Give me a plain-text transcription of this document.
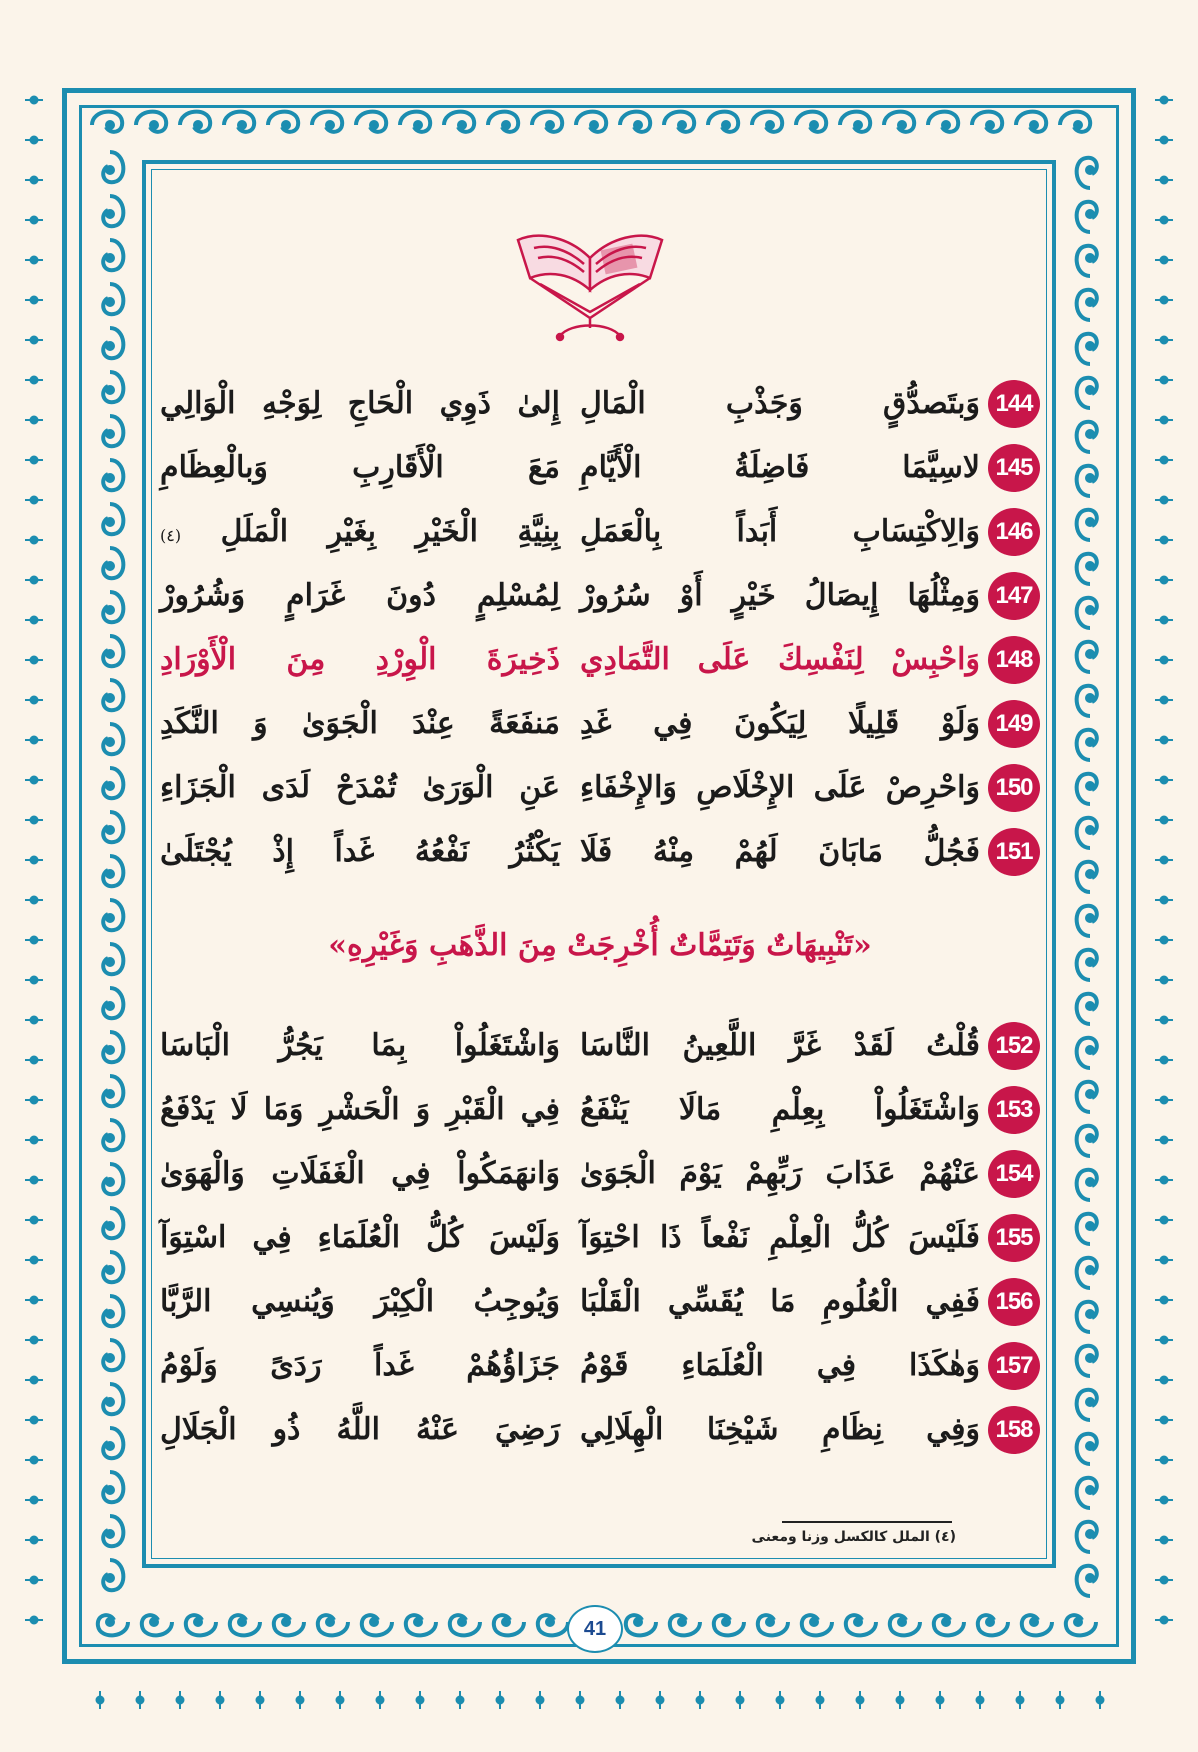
144
وَبتَصدُّقٍ وَجَذْبِ الْمَالِ
إِلىٰ ذَوِي الْحَاجِ لِوَجْهِ الْوَالِي
145
لاسِيَّمَا فَاضِلَةُ الْأَيَّامِ
مَعَ الْأَقَارِبِ وَبالْعِظَامِ
146
وَالِاكْتِسَابِ أَبَداً بِالْعَمَلِ
بِنِيَّةِ الْخَيْرِ بِغَيْرِ الْمَلَلِ (٤)
147
وَمِثْلُهَا إِيصَالُ خَيْرٍ أَوْ سُرُورْ
لِمُسْلِمٍ دُونَ غَرَامٍ وَشُرُورْ
148
وَاحْبِسْ لِنَفْسِكَ عَلَى التَّمَادِي
ذَخِيرَةَ الْوِرْدِ مِنَ الْأَوْرَادِ
149
وَلَوْ قَلِيلًا لِيَكُونَ فِي غَدِ
مَنفَعَةً عِنْدَ الْجَوَىٰ وَ النَّكَدِ
150
وَاحْرِصْ عَلَى الإِخْلَاصِ وَالإِخْفَاءِ
عَنِ الْوَرَىٰ تُمْدَحْ لَدَى الْجَزَاءِ
151
فَجُلُّ مَابَانَ لَهُمْ مِنْهُ فَلَا
يَكْثُرُ نَفْعُهُ غَداً إِذْ يُجْتَلَىٰ
«تَنْبِيهَاتٌ وَتَتِمَّاتٌ أُخْرِجَتْ مِنَ الذَّهَبِ وَغَيْرِهِ»
152
قُلْتُ لَقَدْ غَرَّ اللَّعِينُ النَّاسَا
وَاشْتَغَلُواْ بِمَا يَجُرُّ الْبَاسَا
153
وَاشْتَغَلُواْ بِعِلْمِ مَالَا يَنْفَعُ
فِي الْقَبْرِ وَ الْحَشْرِ وَمَا لَا يَدْفَعُ
154
عَنْهُمْ عَذَابَ رَبِّهِمْ يَوْمَ الْجَوَىٰ
وَانهَمَكُواْ فِي الْغَفَلَاتِ وَالْهَوَىٰ
155
فَلَيْسَ كُلُّ الْعِلْمِ نَفْعاً ذَا احْتِوَآ
وَلَيْسَ كُلُّ الْعُلَمَاءِ فِي اسْتِوَآ
156
فَفِي الْعُلُومِ مَا يُقَسِّي الْقَلْبَا
وَيُوجِبُ الْكِبْرَ وَيُنسِي الرَّبَّا
157
وَهٰكَذَا فِي الْعُلَمَاءِ قَوْمُ
جَزَاؤُهُمْ غَداً رَدَىً وَلَوْمُ
158
وَفِي نِظَامِ شَيْخِنَا الْهِلَالِي
رَضِيَ عَنْهُ اللَّهُ ذُو الْجَلَالِ
(٤) الملل كالكسل وزنا ومعنى
41
